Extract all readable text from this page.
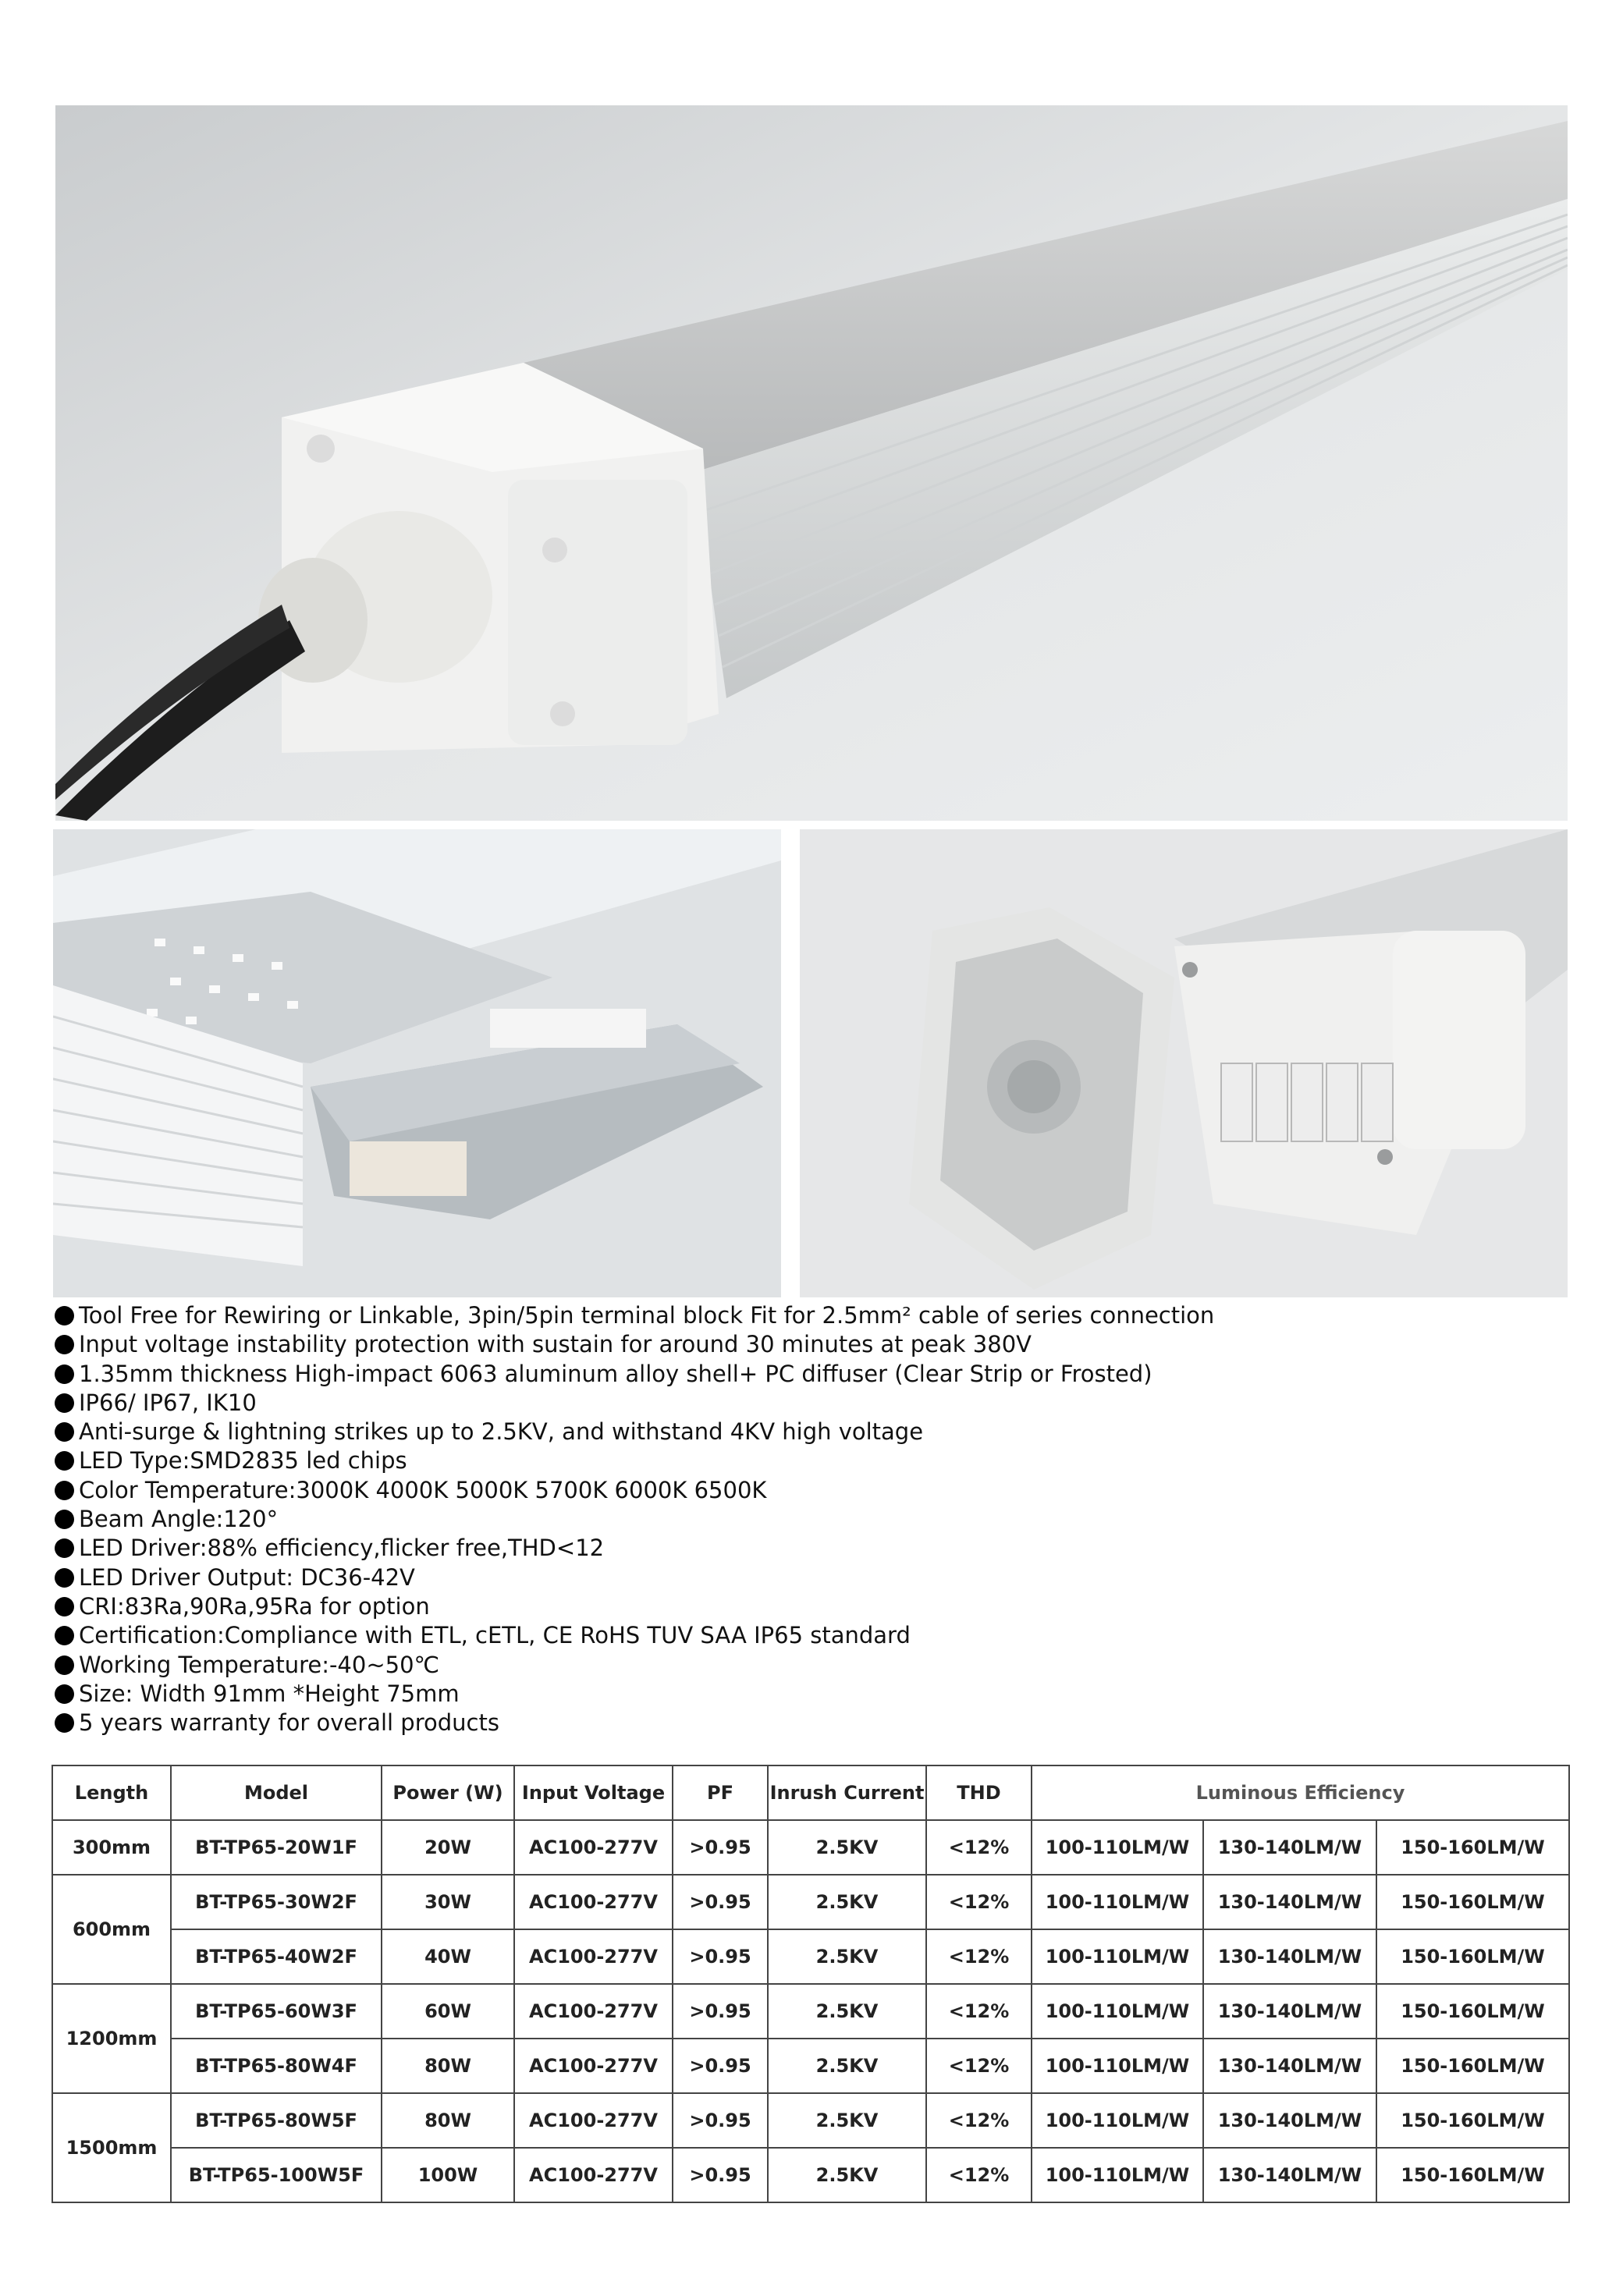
Tool Free for Rewiring or Linkable, 3pin/5pin terminal block Fit for 2.5mm² cable of series connection
Input voltage instability protection with sustain for around 30 minutes at peak 380V
1.35mm thickness High-impact 6063 aluminum alloy shell+ PC diffuser (Clear Strip or Frosted)
IP66/ IP67, IK10
Anti-surge & lightning strikes up to 2.5KV, and withstand 4KV high voltage
LED Type:SMD2835 led chips
Color Temperature:3000K 4000K 5000K 5700K 6000K 6500K
Beam Angle:120°
LED Driver:88% efficiency,flicker free,THD<12
LED Driver Output: DC36-42V
CRI:83Ra,90Ra,95Ra for option
Certification:Compliance with ETL, cETL, CE RoHS TUV SAA IP65 standard
Working Temperature:-40~50℃
Size: Width 91mm *Height 75mm
5 years warranty for overall products
Length	Model	Power (W)	Input Voltage	PF	Inrush Current	THD	Luminous Efficiency		
300mm	BT-TP65-20W1F	20W	AC100-277V	>0.95	2.5KV	<12%	100-110LM/W	130-140LM/W	150-160LM/W
600mm	BT-TP65-30W2F	30W	AC100-277V	>0.95	2.5KV	<12%	100-110LM/W	130-140LM/W	150-160LM/W
	BT-TP65-40W2F	40W	AC100-277V	>0.95	2.5KV	<12%	100-110LM/W	130-140LM/W	150-160LM/W
1200mm	BT-TP65-60W3F	60W	AC100-277V	>0.95	2.5KV	<12%	100-110LM/W	130-140LM/W	150-160LM/W
	BT-TP65-80W4F	80W	AC100-277V	>0.95	2.5KV	<12%	100-110LM/W	130-140LM/W	150-160LM/W
1500mm	BT-TP65-80W5F	80W	AC100-277V	>0.95	2.5KV	<12%	100-110LM/W	130-140LM/W	150-160LM/W
	BT-TP65-100W5F	100W	AC100-277V	>0.95	2.5KV	<12%	100-110LM/W	130-140LM/W	150-160LM/W
